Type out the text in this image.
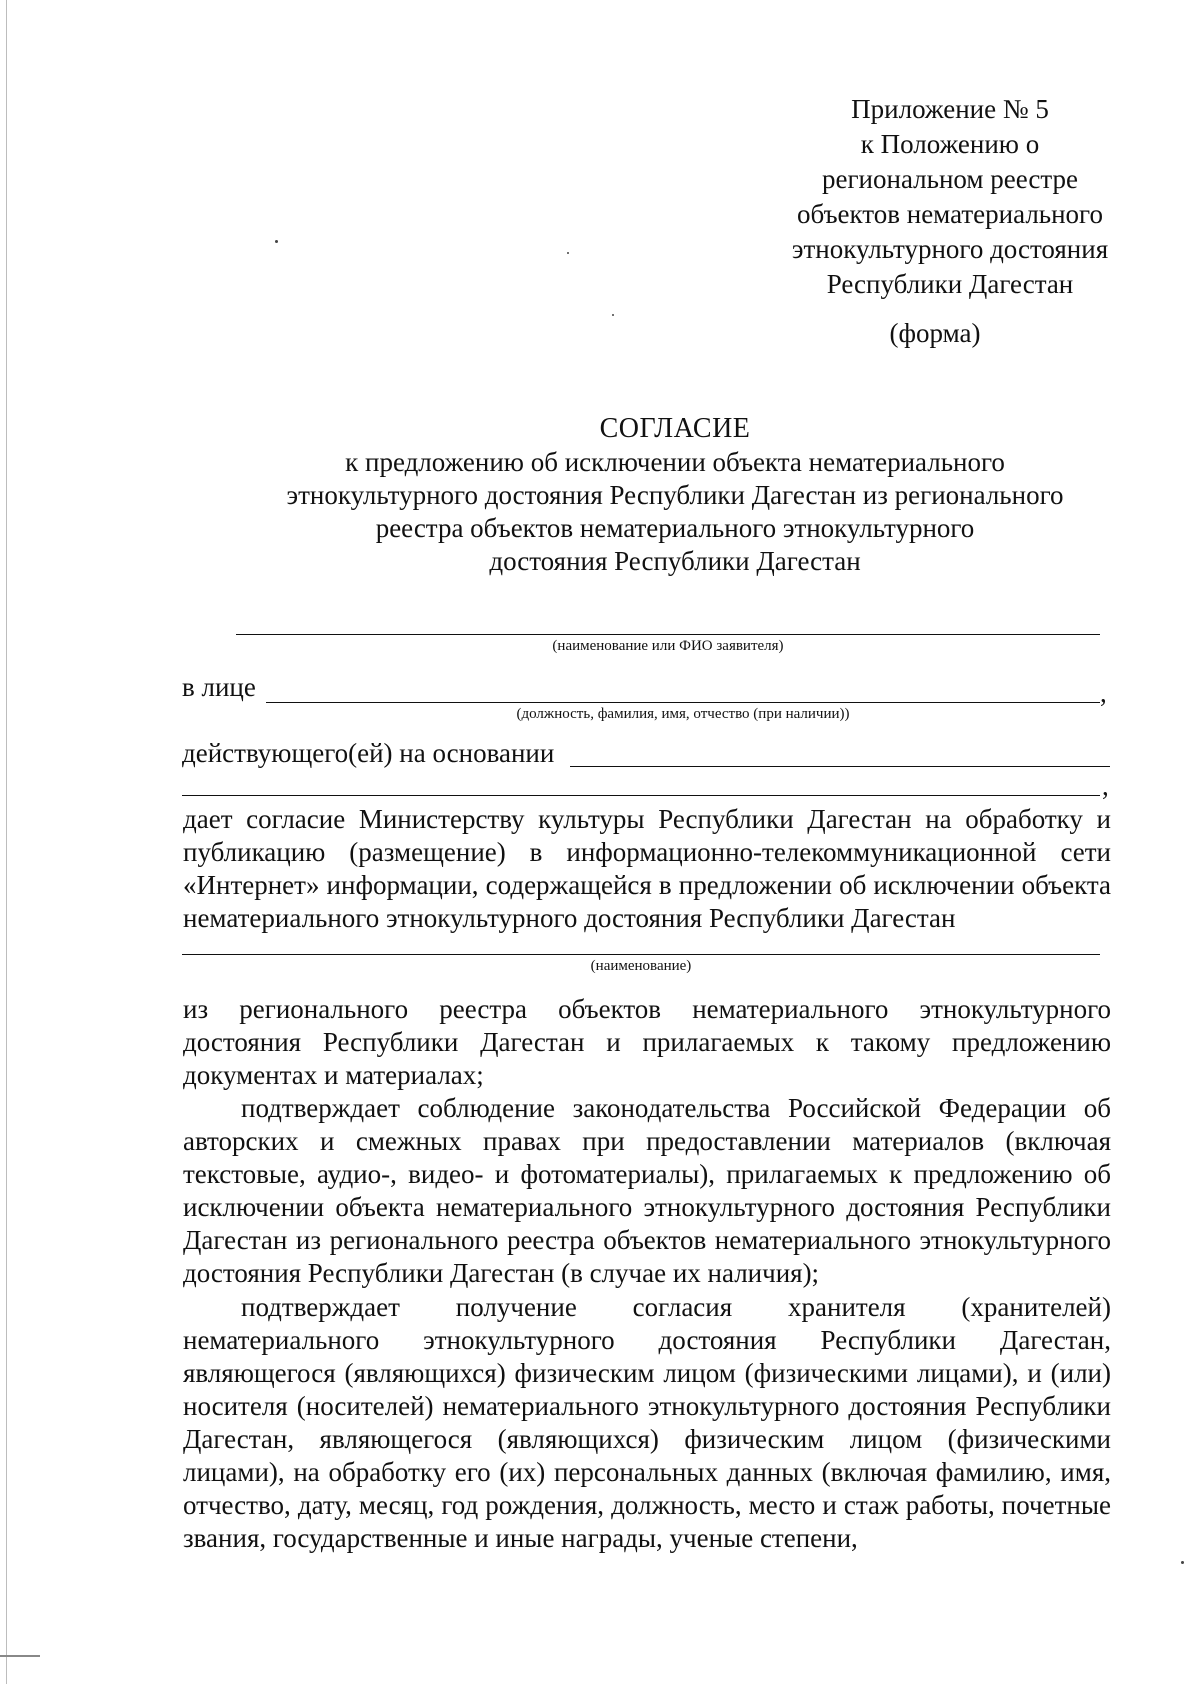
Приложение № 5
к Положению о
региональном реестре
объектов нематериального
этнокультурного достояния
Республики Дагестан
(форма)
СОГЛАСИЕ
к предложению об исключении объекта нематериального
этнокультурного достояния Республики Дагестан из регионального
реестра объектов нематериального этнокультурного
достояния Республики Дагестан
(наименование или ФИО заявителя)
в лице	,
(должность, фамилия, имя, отчество (при наличии))
действующего(ей) на основании
,
дает согласие Министерству культуры Республики Дагестан на обработку и публикацию (размещение) в информационно-телекоммуникационной сети «Интернет» информации, содержащейся в предложении об исключении объекта нематериального этнокультурного достояния Республики Дагестан
(наименование)
из регионального реестра объектов нематериального этнокультурного достояния Республики Дагестан и прилагаемых к такому предложению документах и материалах;
подтверждает соблюдение законодательства Российской Федерации об авторских и смежных правах при предоставлении материалов (включая текстовые, аудио-, видео- и фотоматериалы), прилагаемых к предложению об исключении объекта нематериального этнокультурного достояния Республики Дагестан из регионального реестра объектов нематериального этнокультурного достояния Республики Дагестан (в случае их наличия);
подтверждает получение согласия хранителя (хранителей) нематериального этнокультурного достояния Республики Дагестан, являющегося (являющихся) физическим лицом (физическими лицами), и (или) носителя (носителей) нематериального этнокультурного достояния Республики Дагестан, являющегося (являющихся) физическим лицом (физическими лицами), на обработку его (их) персональных данных (включая фамилию, имя, отчество, дату, месяц, год рождения, должность, место и стаж работы, почетные звания, государственные и иные награды, ученые степени,
